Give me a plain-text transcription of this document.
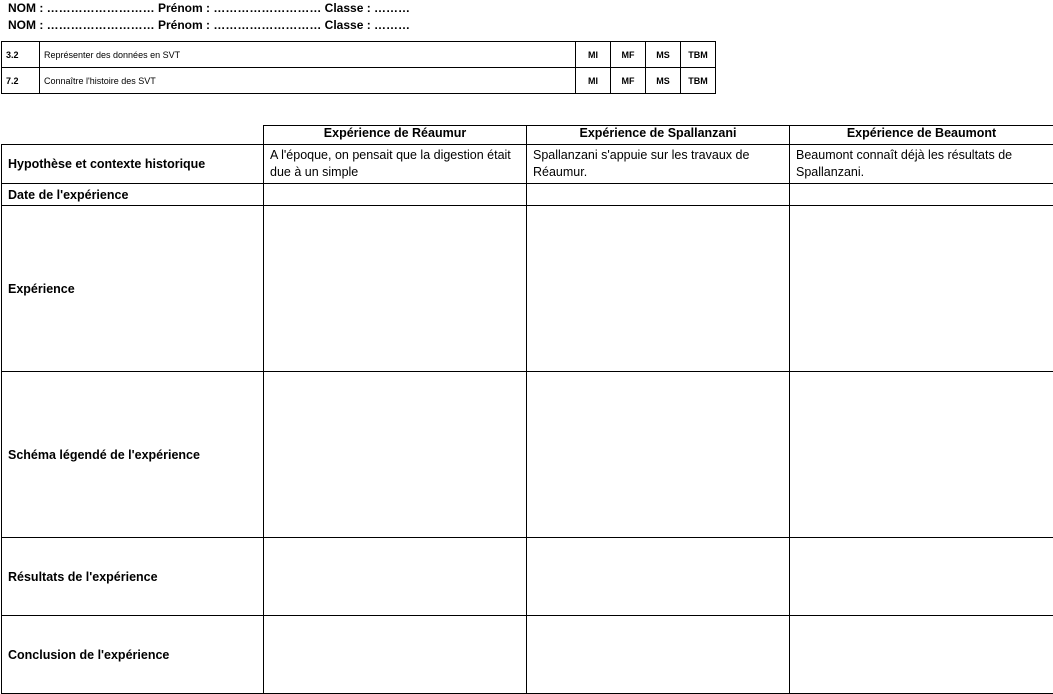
NOM : ……………………… Prénom : ……………………… Classe : ………
NOM : ……………………… Prénom : ……………………… Classe : ………
3.2	Représenter des données en SVT	MI	MF	MS	TBM
7.2	Connaître l'histoire des SVT	MI	MF	MS	TBM
	Expérience de Réaumur	Expérience de Spallanzani	Expérience de Beaumont
Hypothèse et contexte historique	A l'époque, on pensait que la digestion était due à un simple	Spallanzani s'appuie sur les travaux de Réaumur.	Beaumont connaît déjà les résultats de Spallanzani.
Date de l'expérience			
Expérience			
Schéma légendé de l'expérience			
Résultats de l'expérience			
Conclusion de l'expérience			
